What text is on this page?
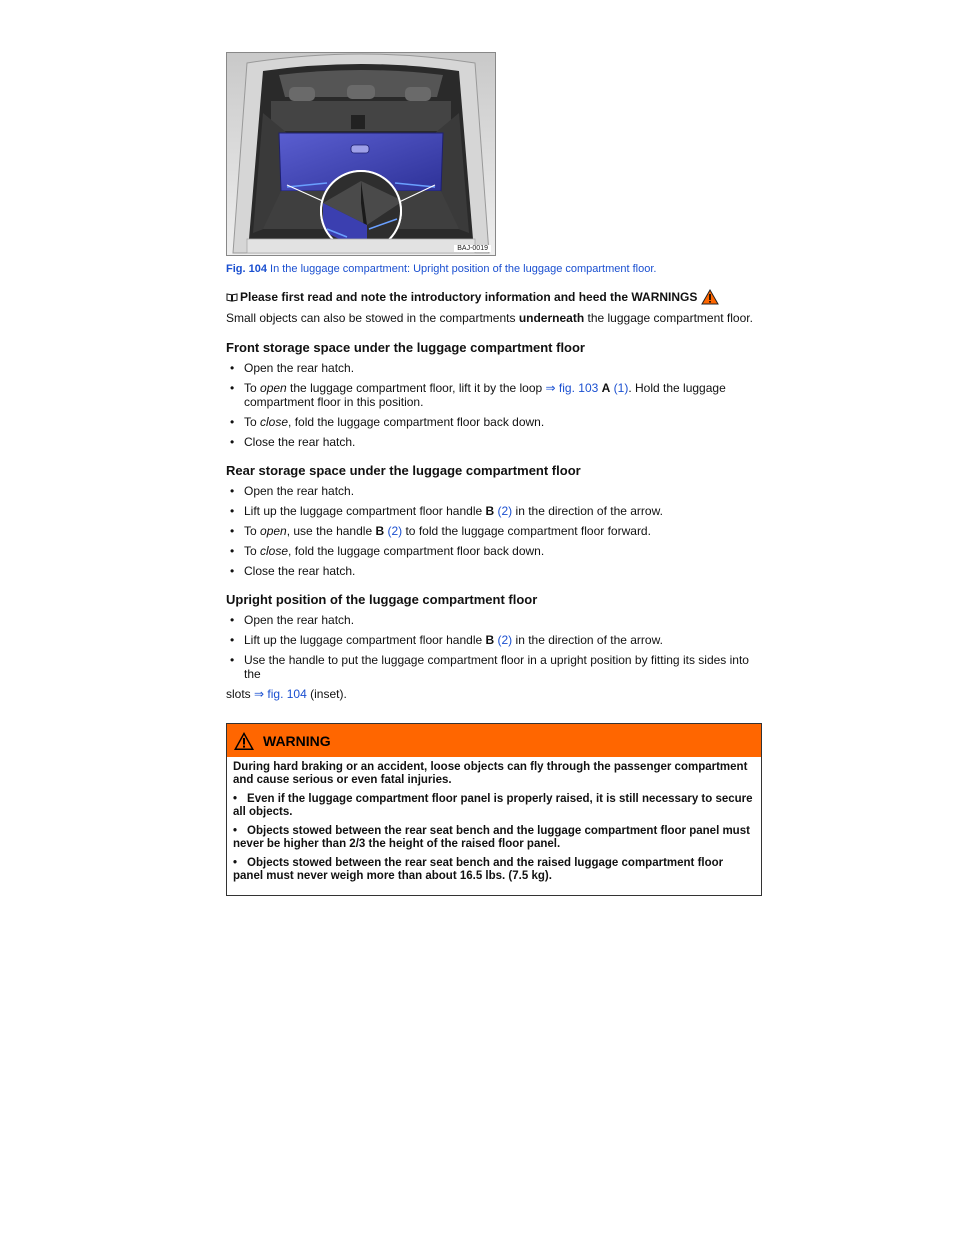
BAJ-0019
Fig. 104 In the luggage compartment: Upright position of the luggage compartment floor.
Please first read and note the introductory information and heed the WARNINGS

Small objects can also be stowed in the compartments underneath the luggage compartment floor.

Front storage space under the luggage compartment floor
• Open the rear hatch.
• To open the luggage compartment floor, lift it by the loop ⇒ fig. 103 A (1). Hold the luggage compartment floor in this position.
• To close, fold the luggage compartment floor back down.
• Close the rear hatch.
Rear storage space under the luggage compartment floor
• Open the rear hatch.
• Lift up the luggage compartment floor handle B (2) in the direction of the arrow.
• To open, use the handle B (2) to fold the luggage compartment floor forward.
• To close, fold the luggage compartment floor back down.
• Close the rear hatch.
Upright position of the luggage compartment floor
• Open the rear hatch.
• Lift up the luggage compartment floor handle B (2) in the direction of the arrow.
• Use the handle to put the luggage compartment floor in a upright position by fitting its sides into the
slots ⇒ fig. 104 (inset).
WARNING

During hard braking or an accident, loose objects can fly through the passenger compartment and cause serious or even fatal injuries.

• Even if the luggage compartment floor panel is properly raised, it is still necessary to secure all objects.

• Objects stowed between the rear seat bench and the luggage compartment floor panel must never be higher than 2/3 the height of the raised floor panel.

• Objects stowed between the rear seat bench and the raised luggage compartment floor panel must never weigh more than about 16.5 lbs. (7.5 kg).
